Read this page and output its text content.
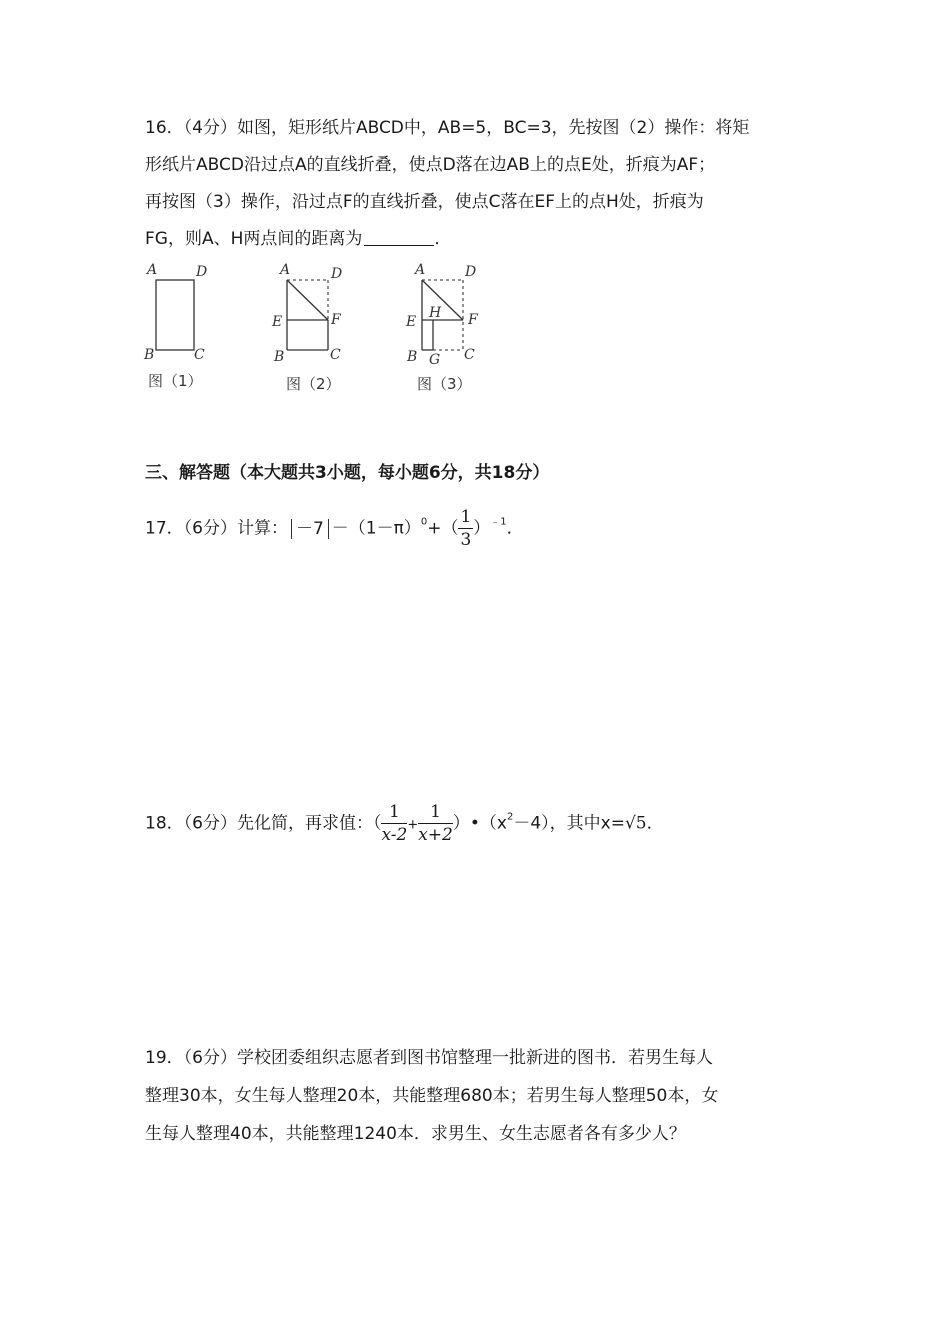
16．（4分）如图，矩形纸片ABCD中，AB=5，BC=3，先按图（2）操作：将矩
形纸片ABCD沿过点A的直线折叠，使点D落在边AB上的点E处，折痕为AF；
再按图（3）操作，沿过点F的直线折叠，使点C落在EF上的点H处，折痕为
FG，则A、H两点间的距离为	．
A	D
B	C
图（1）
A	D
E	F
B	C
图（2）
A	D
E
H F
B G C
图（3）
三、解答题（本大题共3小题，每小题6分，共18分）
17．（6分）计算： $-7 -(1-\pi)^0+( \frac{1}{3} )^{﹣1}$．
18．（6分）先化简，再求值：（ $\frac{1}{x-2} + \frac{1}{x+2}$ ）$•(x^2-4)$，其中x=√5．
19．（6分）学校团委组织志愿者到图书馆整理一批新进的图书．若男生每人
整理30本，女生每人整理20本，共能整理680本；若男生每人整理50本，女
生每人整理40本，共能整理1240本．求男生、女生志愿者各有多少人？
